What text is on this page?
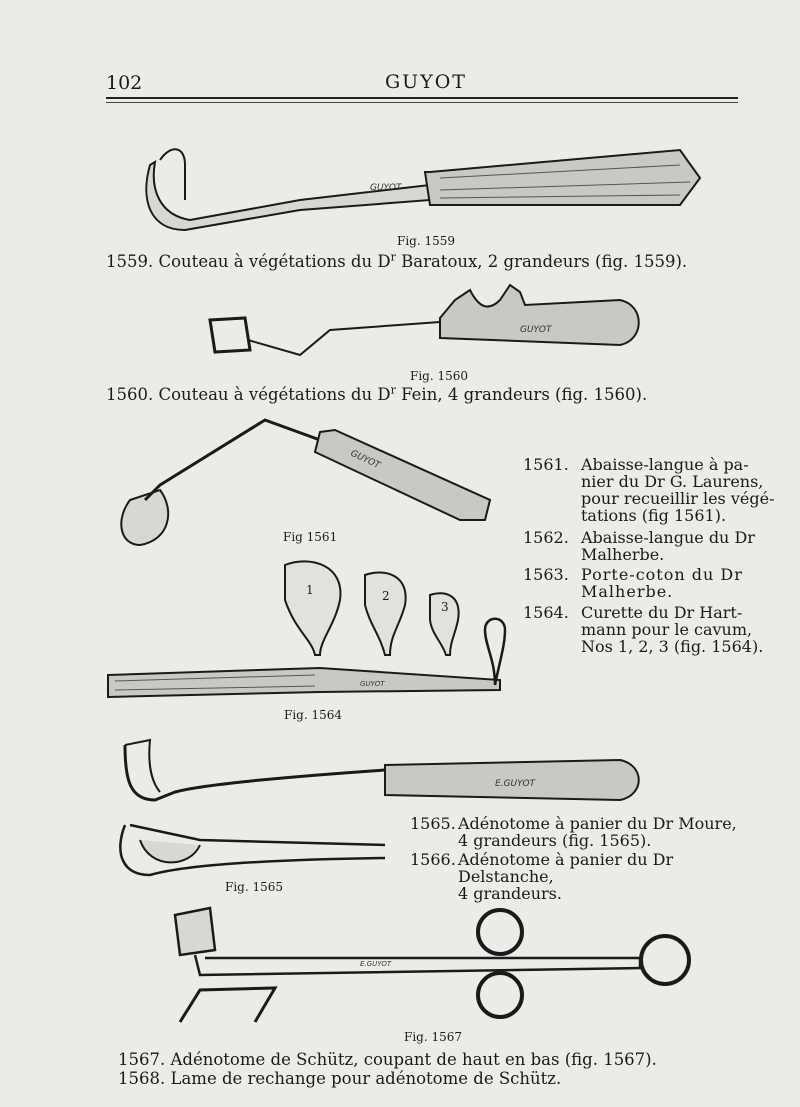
102	GUYOT
GUYOT
GUYOT
GUYOT
1	2
3
GUYOT
E.GUYOT
E.GUYOT
Fig. 1559
Fig. 1560
Fig 1561
Fig. 1564
Fig. 1565
Fig. 1567
1559. Couteau à végétations du $D^r$ Baratoux, 2 grandeurs (fig. 1559).
1560. Couteau à végétations du $D^r$ Fein, 4 grandeurs (fig. 1560).
1561. Abaisse-langue à pa-
nier du Dr G. Laurens,
pour recueillir les végé-
tations (fig 1561).
1562. Abaisse-langue du Dr
Malherbe.
1563. Porte-coton du Dr
Malherbe.
1564. Curette du Dr Hart-
mann pour le cavum,
Nos 1, 2, 3 (fig. 1564).
1565. Adénotome à panier du Dr Moure,
4 grandeurs (fig. 1565).
1566. Adénotome à panier du Dr Delstanche,
4 grandeurs.
1567. Adénotome de Schütz, coupant de haut en bas (fig. 1567).
1568. Lame de rechange pour adénotome de Schütz.
